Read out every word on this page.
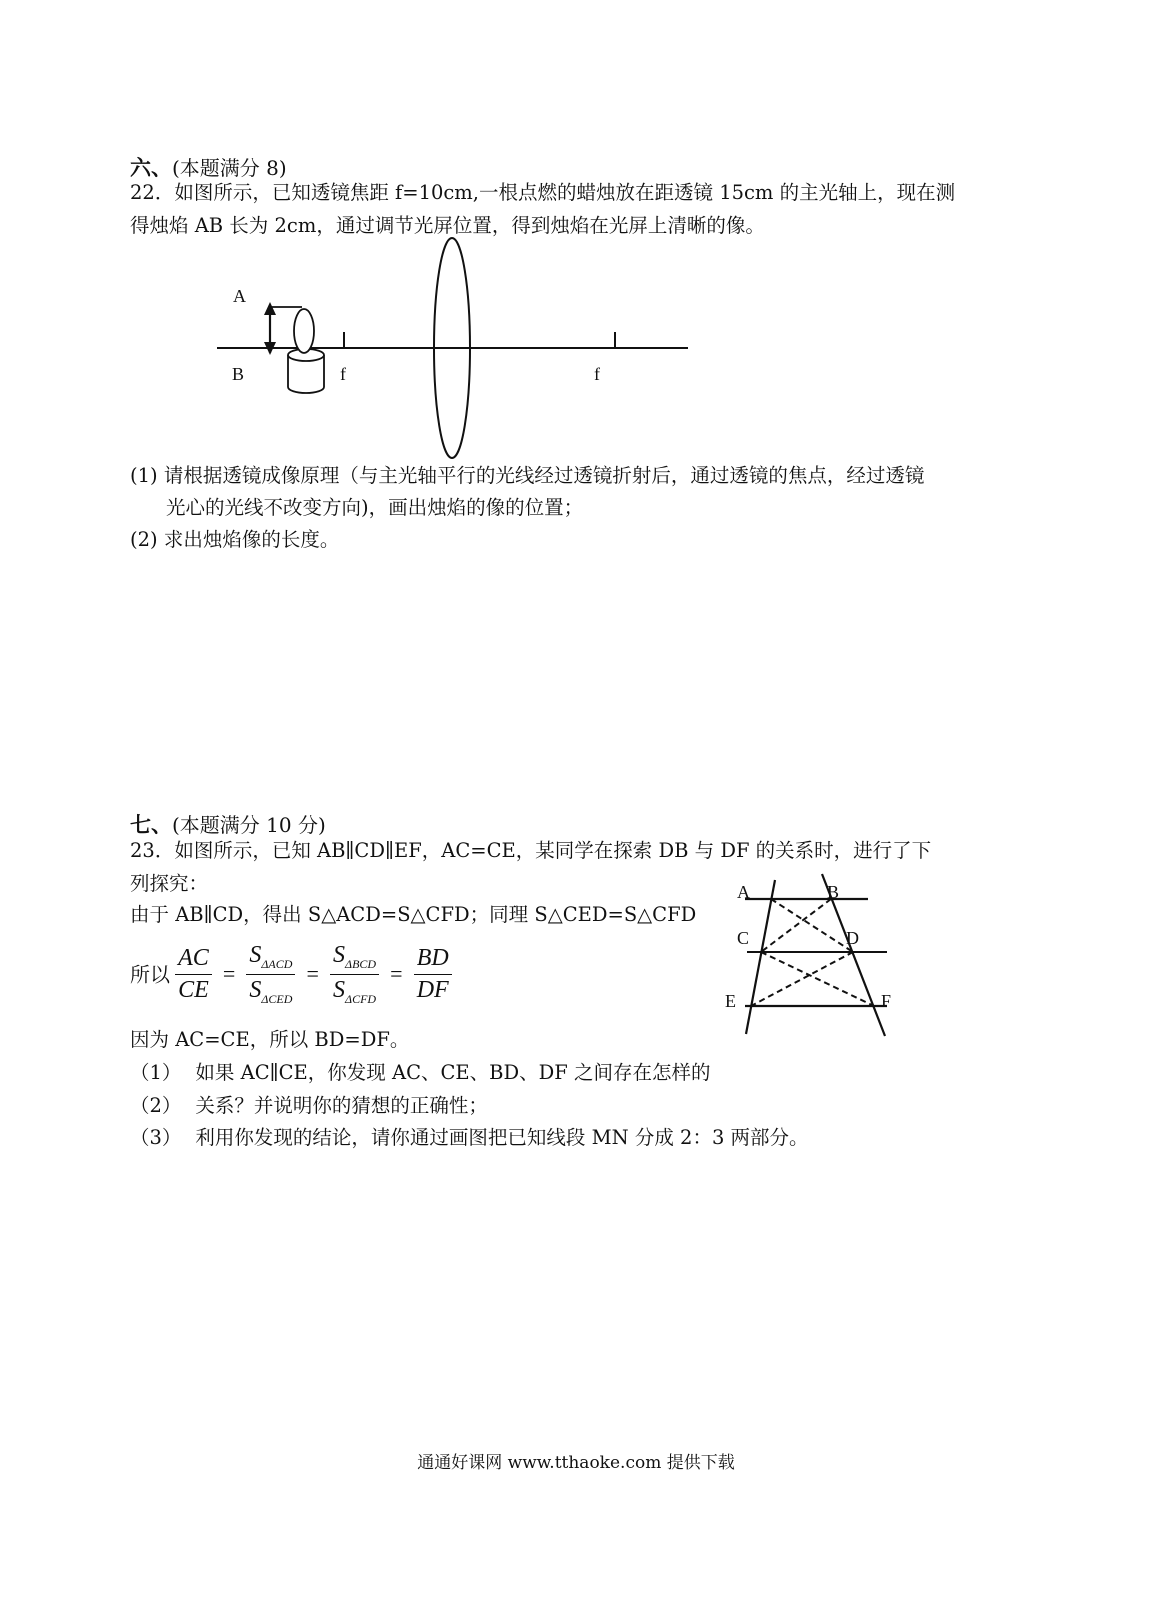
六、(本题满分 8)
22．如图所示，已知透镜焦距 f=10cm,一根点燃的蜡烛放在距透镜 15cm 的主光轴上，现在测
得烛焰 AB 长为 2cm，通过调节光屏位置，得到烛焰在光屏上清晰的像。
A
B	f	f
(1) 请根据透镜成像原理（与主光轴平行的光线经过透镜折射后，通过透镜的焦点，经过透镜
光心的光线不改变方向)，画出烛焰的像的位置；
(2) 求出烛焰像的长度。
七、(本题满分 10 分)
23．如图所示，已知 AB∥CD∥EF，AC=CE，某同学在探索 DB 与 DF 的关系时，进行了下
列探究：
由于 AB∥CD，得出 S△ACD=S△CFD；同理 S△CED=S△CFD
所以 $\frac{AC}{CE} = \frac{S_{\Delta ACD}}{S_{\Delta CED}} = \frac{S_{\Delta BCD}}{S_{\Delta CFD}} = \frac{BD}{DF}$
因为 AC=CE，所以 BD=DF。
（1） 如果 AC∥CE，你发现 AC、CE、BD、DF 之间存在怎样的
（2） 关系？并说明你的猜想的正确性；
（3） 利用你发现的结论，请你通过画图把已知线段 MN 分成 2：3 两部分。
A	B
C	D
E	F
通通好课网 www.tthaoke.com 提供下载
